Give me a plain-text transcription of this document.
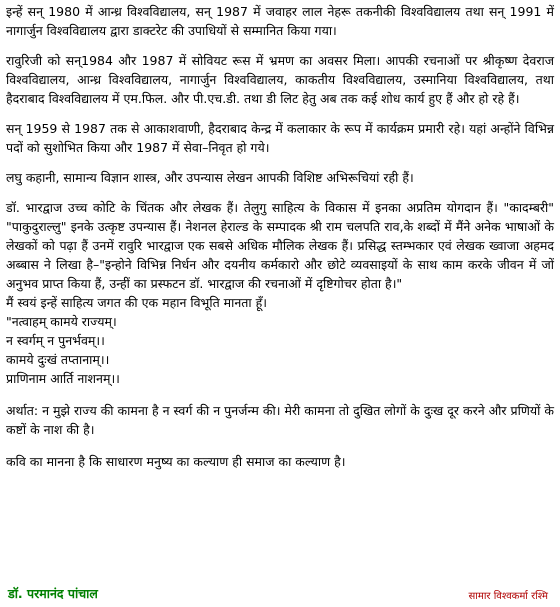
इन्हें सन् 1980 में आन्ध्र विश्वविद्यालय, सन् 1987 में जवाहर लाल नेहरू तकनीकी विश्वविद्यालय तथा सन् 1991 में नागार्जुन विश्वविद्यालय द्वारा डाक्टरेट की उपाधियों से सम्मानित किया गया।

रावुरिजी को सन्1984 और 1987 में सोवियट रूस में भ्रमण का अवसर मिला। आपकी रचनाओं पर श्रीकृष्ण देवराज विश्वविद्यालय, आन्ध्र विश्वविद्यालय, नागार्जुन विश्वविद्यालय, काकतीय विश्वविद्यालय, उस्मानिया विश्वविद्यालय, तथा हैदराबाद विश्वविद्यालय में एम.फिल. और पी.एच.डी. तथा डी लिट हेतु अब तक कई शोध कार्य हुए हैं और हो रहे हैं।

सन् 1959 से 1987 तक से आकाशवाणी, हैदराबाद केन्द्र में कलाकार के रूप में कार्यक्रम प्रमारी रहे। यहां अन्होंने विभिन्न पदों को सुशोभित किया और 1987 में सेवा–निवृत हो गये।

लघु कहानी, सामान्य विज्ञान शास्त्र, और उपन्यास लेखन आपकी विशिष्ट अभिरूचियां रही हैं।

डॉ. भारद्वाज उच्च कोटि के चिंतक और लेखक हैं। तेलुगु साहित्य के विकास में इनका अप्रतिम योगदान हैं। "कादम्बरी" "पाकुदुराल्लु" इनके उत्कृष्ट उपन्यास हैं। नेशनल हेराल्ड के सम्पादक श्री राम चलपति राव,के शब्दों में मैंने अनेक भाषाओं के लेखकों को पढ़ा हैं उनमें रावुरि भारद्वाज एक सबसे अधिक मौलिक लेखक हैं। प्रसिद्ध स्तम्भकार एवं लेखक ख्वाजा अहमद अब्बास ने लिखा है–"इन्होने विभिन्न निर्धन और दयनीय कर्मकारो और छोटे व्यवसाइयों के साथ काम करके जीवन में जों अनुभव प्राप्त किया हैं, उन्हीं का प्रस्फटन डॉ. भारद्वाज की रचनाओं में दृष्टिगोचर होता है।"

मैं स्वयं इन्हें साहित्य जगत की एक महान विभूति मानता हूँ।

"नत्वाहम् कामये राज्यम्।

न स्वर्गम् न पुनर्भवम्।।

कामये दुःखं तप्तानाम्।।

प्राणिनाम आर्ति नाशनम्।।

अर्थात: न मुझे राज्य की कामना है न स्वर्ग की न पुनर्जन्म की। मेरी कामना तो दुखित लोगों के दुःख दूर करने और प्रणियों के कष्टों के नाश की है।

कवि का मानना है कि साधारण मनुष्य का कल्याण ही समाज का कल्याण है।

डॉ. परमानंद पांचाल	सामार विश्वकर्मा रश्मि
